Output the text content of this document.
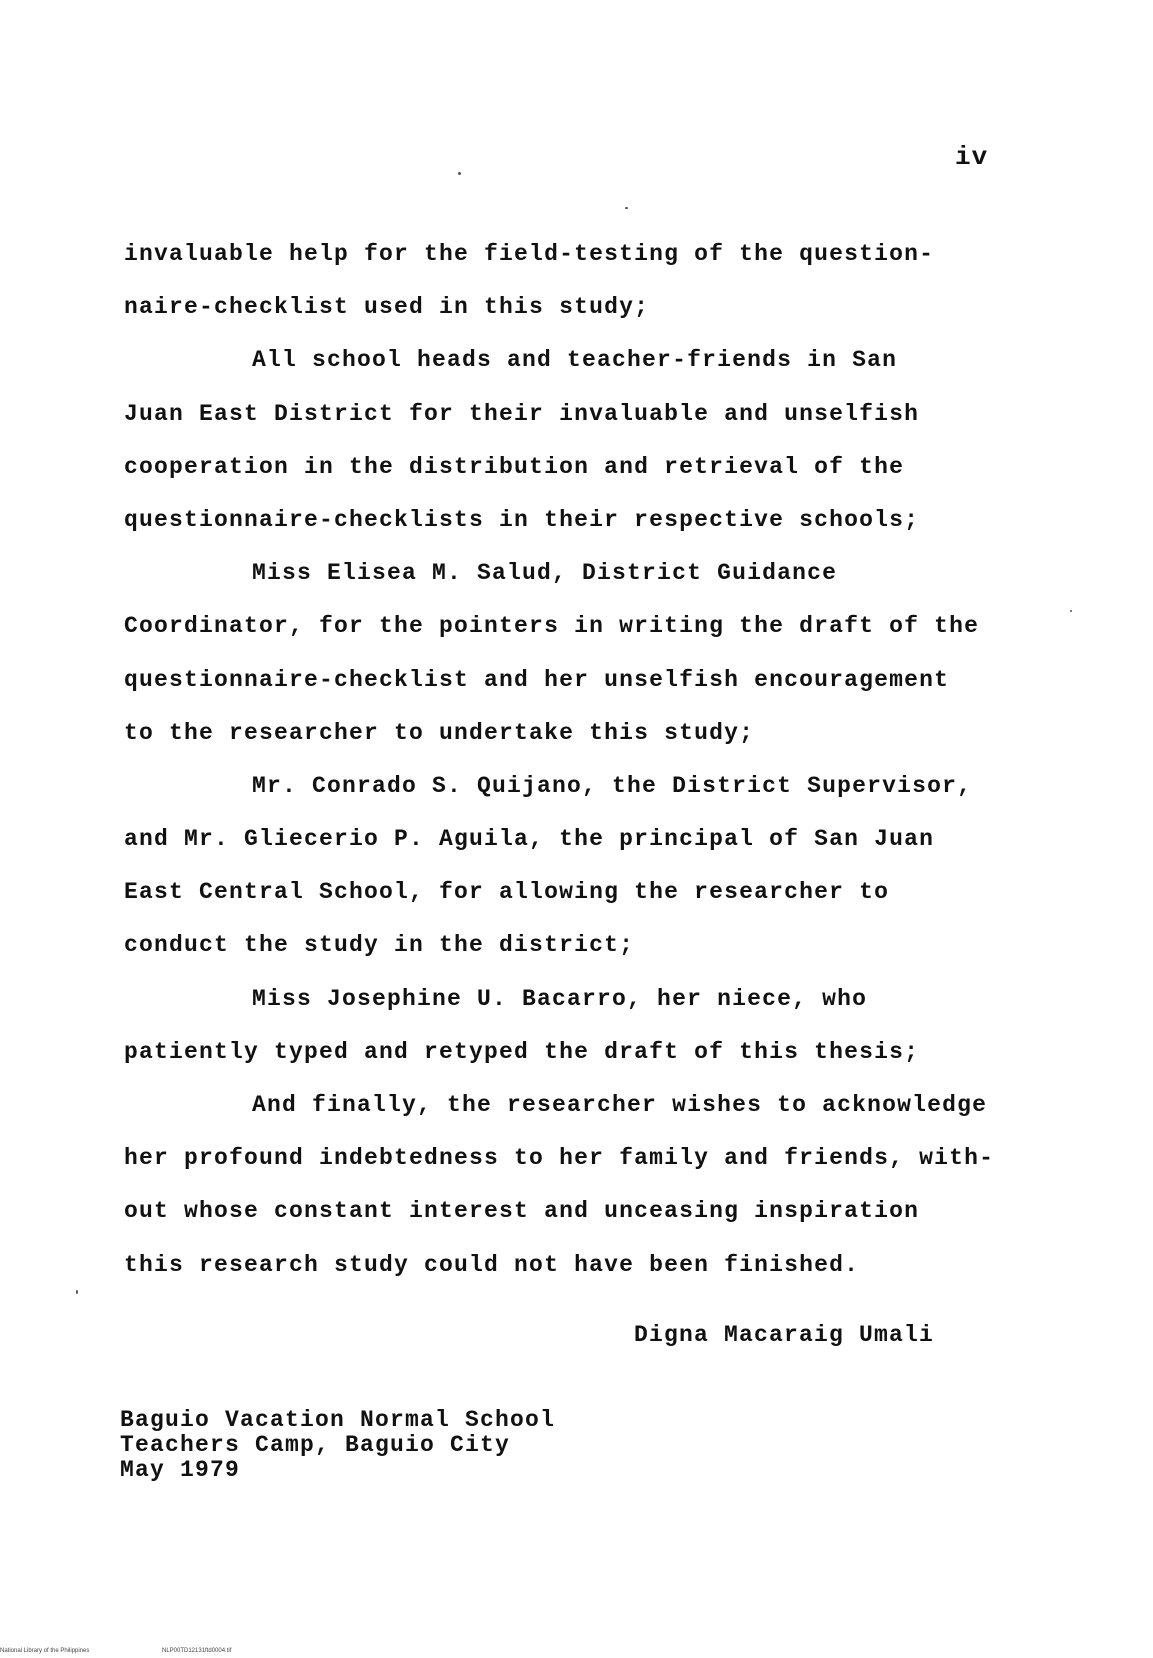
iv
invaluable help for the field-testing of the question-
naire-checklist used in this study;
All school heads and teacher-friends in San
Juan East District for their invaluable and unselfish
cooperation in the distribution and retrieval of the
questionnaire-checklists in their respective schools;
Miss Elisea M. Salud, District Guidance
Coordinator, for the pointers in writing the draft of the
questionnaire-checklist and her unselfish encouragement
to the researcher to undertake this study;
Mr. Conrado S. Quijano, the District Supervisor,
and Mr. Gliecerio P. Aguila, the principal of San Juan
East Central School, for allowing the researcher to
conduct the study in the district;
Miss Josephine U. Bacarro, her niece, who
patiently typed and retyped the draft of this thesis;
And finally, the researcher wishes to acknowledge
her profound indebtedness to her family and friends, with-
out whose constant interest and unceasing inspiration
this research study could not have been finished.
Digna Macaraig Umali
Baguio Vacation Normal School
Teachers Camp, Baguio City
May 1979
National Library of the Philippines	NLP00TD12131ftd0004.tif
